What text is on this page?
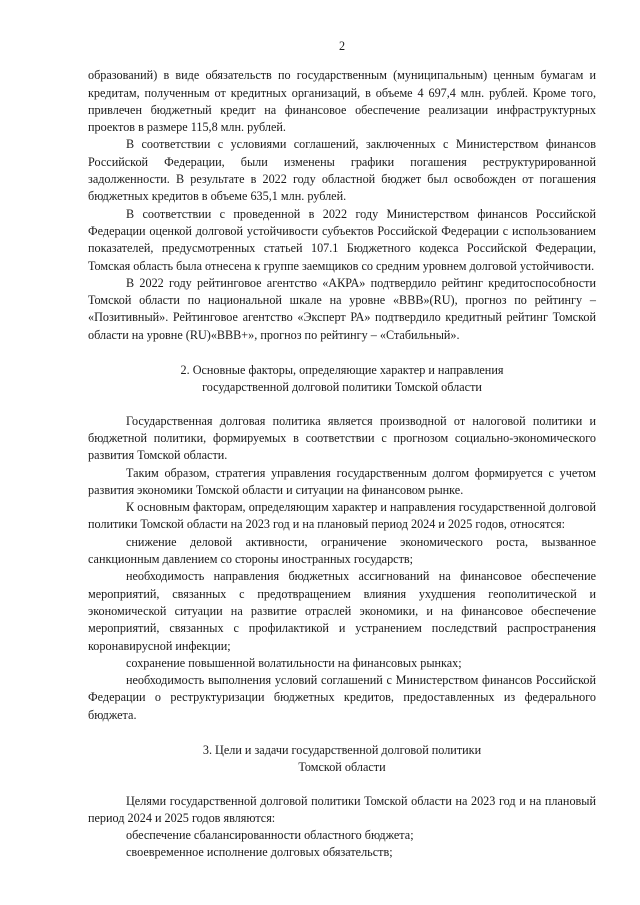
2

образований) в виде обязательств по государственным (муниципальным) ценным бумагам и кредитам, полученным от кредитных организаций, в объеме 4 697,4 млн. рублей. Кроме того, привлечен бюджетный кредит на финансовое обеспечение реализации инфраструктурных проектов в размере 115,8 млн. рублей.

В соответствии с условиями соглашений, заключенных с Министерством финансов Российской Федерации, были изменены графики погашения реструктурированной задолженности. В результате в 2022 году областной бюджет был освобожден от погашения бюджетных кредитов в объеме 635,1 млн. рублей.

В соответствии с проведенной в 2022 году Министерством финансов Российской Федерации оценкой долговой устойчивости субъектов Российской Федерации с использованием показателей, предусмотренных статьей 107.1 Бюджетного кодекса Российской Федерации, Томская область была отнесена к группе заемщиков со средним уровнем долговой устойчивости.

В 2022 году рейтинговое агентство «АКРА» подтвердило рейтинг кредитоспособности Томской области по национальной шкале на уровне «BBB»(RU), прогноз по рейтингу – «Позитивный». Рейтинговое агентство «Эксперт РА» подтвердило кредитный рейтинг Томской области на уровне (RU)«BBB+», прогноз по рейтингу – «Стабильный».

2. Основные факторы, определяющие характер и направления
государственной долговой политики Томской области

Государственная долговая политика является производной от налоговой политики и бюджетной политики, формируемых в соответствии с прогнозом социально-экономического развития Томской области.

Таким образом, стратегия управления государственным долгом формируется с учетом развития экономики Томской области и ситуации на финансовом рынке.

К основным факторам, определяющим характер и направления государственной долговой политики Томской области на 2023 год и на плановый период 2024 и 2025 годов, относятся:

снижение деловой активности, ограничение экономического роста, вызванное санкционным давлением со стороны иностранных государств;

необходимость направления бюджетных ассигнований на финансовое обеспечение мероприятий, связанных с предотвращением влияния ухудшения геополитической и экономической ситуации на развитие отраслей экономики, и на финансовое обеспечение мероприятий, связанных с профилактикой и устранением последствий распространения коронавирусной инфекции;

сохранение повышенной волатильности на финансовых рынках;

необходимость выполнения условий соглашений с Министерством финансов Российской Федерации о реструктуризации бюджетных кредитов, предоставленных из федерального бюджета.

3. Цели и задачи государственной долговой политики
Томской области

Целями государственной долговой политики Томской области на 2023 год и на плановый период 2024 и 2025 годов являются:

обеспечение сбалансированности областного бюджета;

своевременное исполнение долговых обязательств;
